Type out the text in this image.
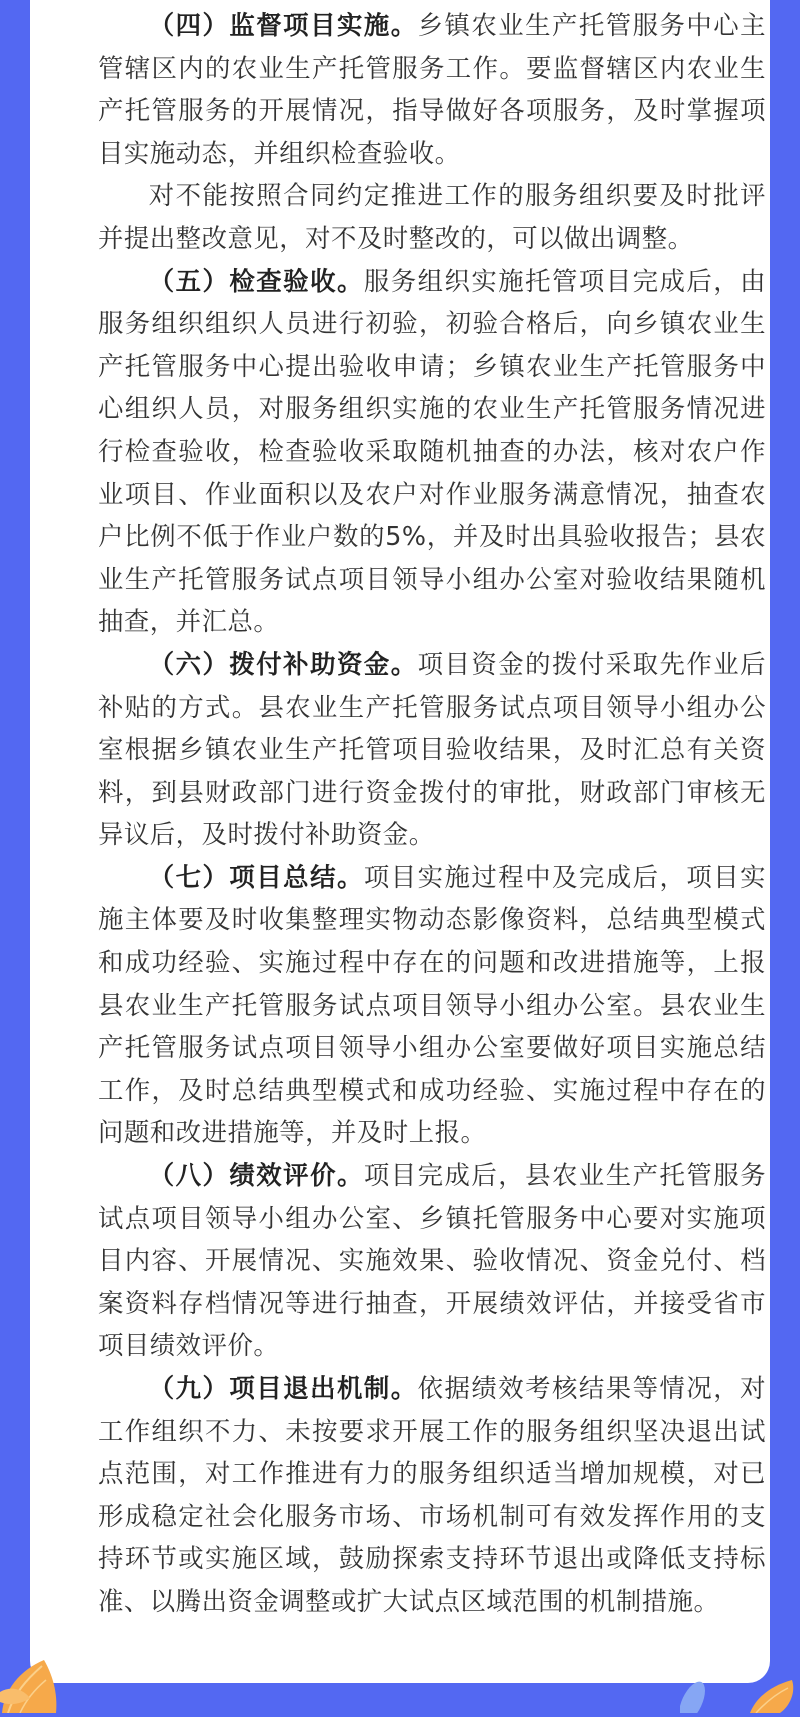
（四）监督项目实施。乡镇农业生产托管服务中心主管辖区内的农业生产托管服务工作。要监督辖区内农业生产托管服务的开展情况，指导做好各项服务，及时掌握项目实施动态，并组织检查验收。

对不能按照合同约定推进工作的服务组织要及时批评并提出整改意见，对不及时整改的，可以做出调整。

（五）检查验收。服务组织实施托管项目完成后，由服务组织组织人员进行初验，初验合格后，向乡镇农业生产托管服务中心提出验收申请；乡镇农业生产托管服务中心组织人员，对服务组织实施的农业生产托管服务情况进行检查验收，检查验收采取随机抽查的办法，核对农户作业项目、作业面积以及农户对作业服务满意情况，抽查农户比例不低于作业户数的5%，并及时出具验收报告；县农业生产托管服务试点项目领导小组办公室对验收结果随机抽查，并汇总。

（六）拨付补助资金。项目资金的拨付采取先作业后补贴的方式。县农业生产托管服务试点项目领导小组办公室根据乡镇农业生产托管项目验收结果，及时汇总有关资料，到县财政部门进行资金拨付的审批，财政部门审核无异议后，及时拨付补助资金。

（七）项目总结。项目实施过程中及完成后，项目实施主体要及时收集整理实物动态影像资料，总结典型模式和成功经验、实施过程中存在的问题和改进措施等，上报县农业生产托管服务试点项目领导小组办公室。县农业生产托管服务试点项目领导小组办公室要做好项目实施总结工作，及时总结典型模式和成功经验、实施过程中存在的问题和改进措施等，并及时上报。

（八）绩效评价。项目完成后，县农业生产托管服务试点项目领导小组办公室、乡镇托管服务中心要对实施项目内容、开展情况、实施效果、验收情况、资金兑付、档案资料存档情况等进行抽查，开展绩效评估，并接受省市项目绩效评价。

（九）项目退出机制。依据绩效考核结果等情况，对工作组织不力、未按要求开展工作的服务组织坚决退出试点范围，对工作推进有力的服务组织适当增加规模，对已形成稳定社会化服务市场、市场机制可有效发挥作用的支持环节或实施区域，鼓励探索支持环节退出或降低支持标准、以腾出资金调整或扩大试点区域范围的机制措施。
